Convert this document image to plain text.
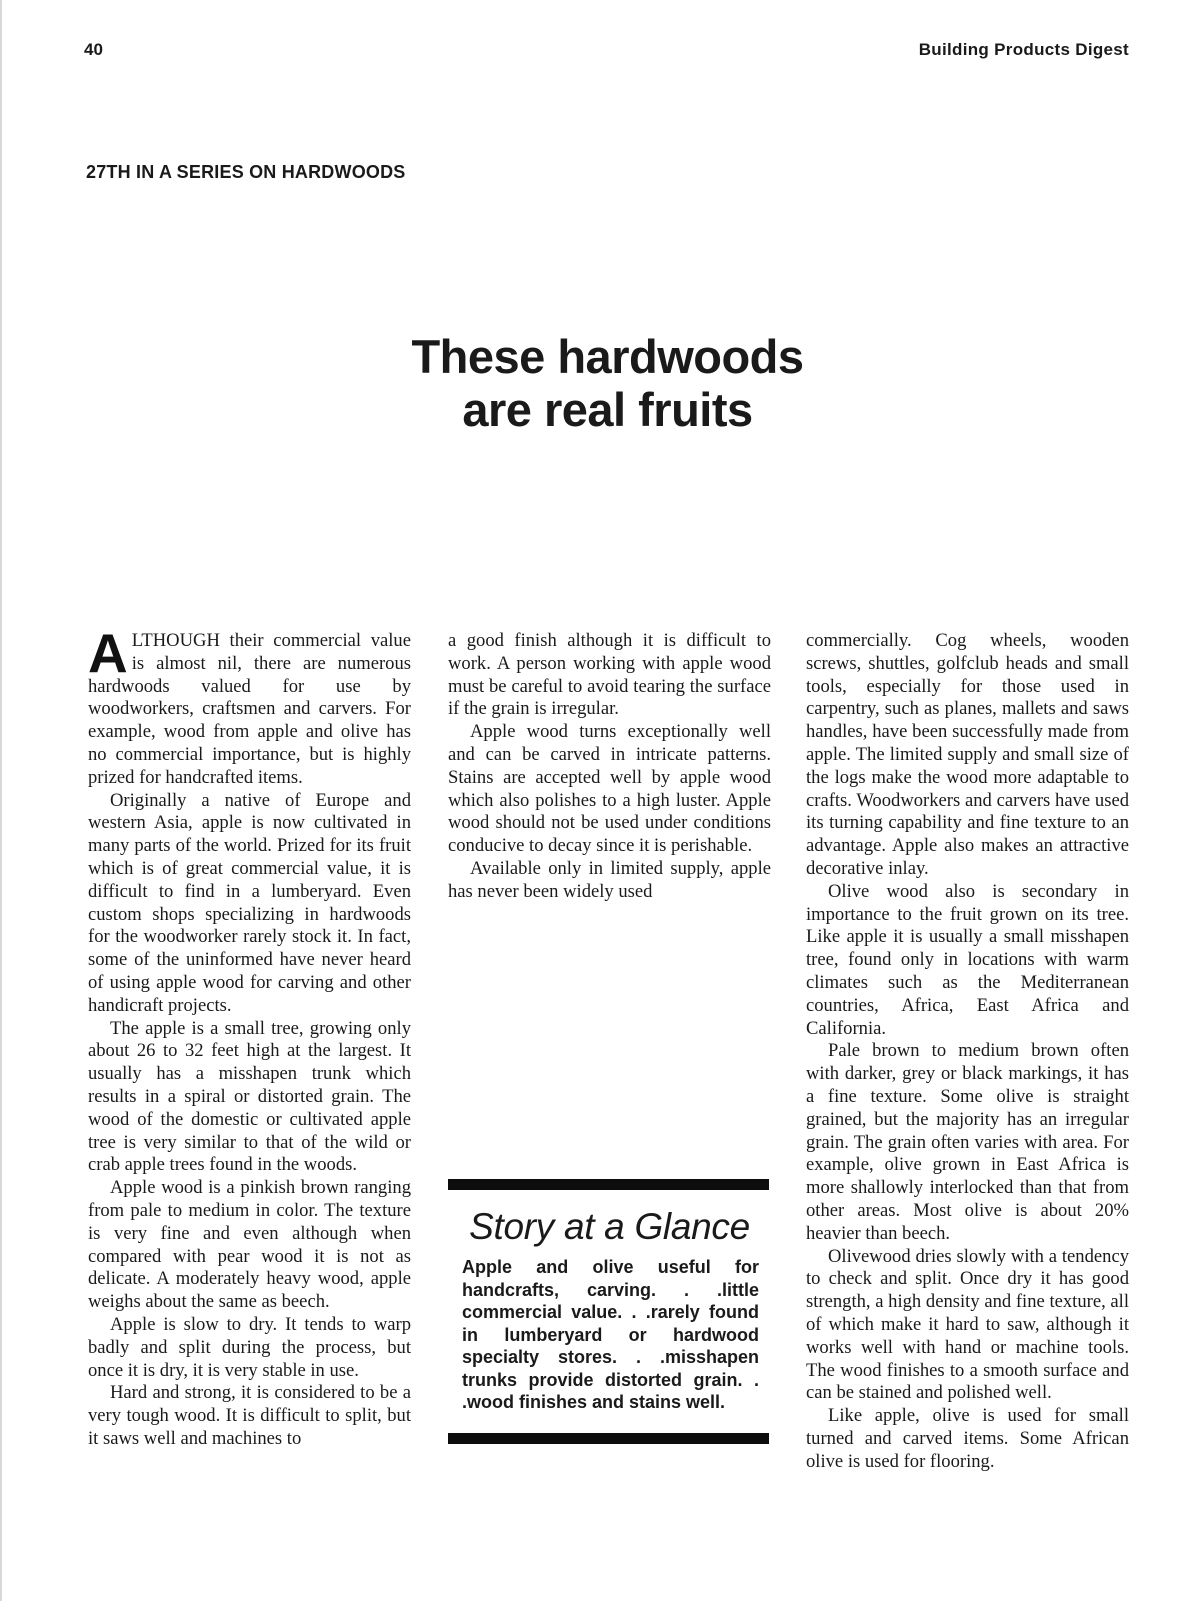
40	Building Products Digest
27TH IN A SERIES ON HARDWOODS
These hardwoods
are real fruits

ALTHOUGH their commercial value is almost nil, there are numerous hardwoods valued for use by woodworkers, craftsmen and carvers. For example, wood from apple and olive has no commercial importance, but is highly prized for handcrafted items.

Originally a native of Europe and western Asia, apple is now cultivated in many parts of the world. Prized for its fruit which is of great commercial value, it is difficult to find in a lumberyard. Even custom shops specializing in hardwoods for the woodworker rarely stock it. In fact, some of the uninformed have never heard of using apple wood for carving and other handicraft projects.

The apple is a small tree, growing only about 26 to 32 feet high at the largest. It usually has a misshapen trunk which results in a spiral or distorted grain. The wood of the domestic or cultivated apple tree is very similar to that of the wild or crab apple trees found in the woods.

Apple wood is a pinkish brown ranging from pale to medium in color. The texture is very fine and even although when compared with pear wood it is not as delicate. A moderately heavy wood, apple weighs about the same as beech.

Apple is slow to dry. It tends to warp badly and split during the process, but once it is dry, it is very stable in use.

Hard and strong, it is considered to be a very tough wood. It is difficult to split, but it saws well and machines to

a good finish although it is difficult to work. A person working with apple wood must be careful to avoid tearing the surface if the grain is irregular.

Apple wood turns exceptionally well and can be carved in intricate patterns. Stains are accepted well by apple wood which also polishes to a high luster. Apple wood should not be used under conditions conducive to decay since it is perishable.

Available only in limited supply, apple has never been widely used

Story at a Glance
Apple and olive useful for handcrafts, carving. . .little commercial value. . .rarely found in lumberyard or hardwood specialty stores. . .misshapen trunks provide distorted grain. . .wood finishes and stains well.

commercially. Cog wheels, wooden screws, shuttles, golfclub heads and small tools, especially for those used in carpentry, such as planes, mallets and saws handles, have been successfully made from apple. The limited supply and small size of the logs make the wood more adaptable to crafts. Woodworkers and carvers have used its turning capability and fine texture to an advantage. Apple also makes an attractive decorative inlay.

Olive wood also is secondary in importance to the fruit grown on its tree. Like apple it is usually a small misshapen tree, found only in locations with warm climates such as the Mediterranean countries, Africa, East Africa and California.

Pale brown to medium brown often with darker, grey or black markings, it has a fine texture. Some olive is straight grained, but the majority has an irregular grain. The grain often varies with area. For example, olive grown in East Africa is more shallowly interlocked than that from other areas. Most olive is about 20% heavier than beech.

Olivewood dries slowly with a tendency to check and split. Once dry it has good strength, a high density and fine texture, all of which make it hard to saw, although it works well with hand or machine tools. The wood finishes to a smooth surface and can be stained and polished well.

Like apple, olive is used for small turned and carved items. Some African olive is used for flooring.
